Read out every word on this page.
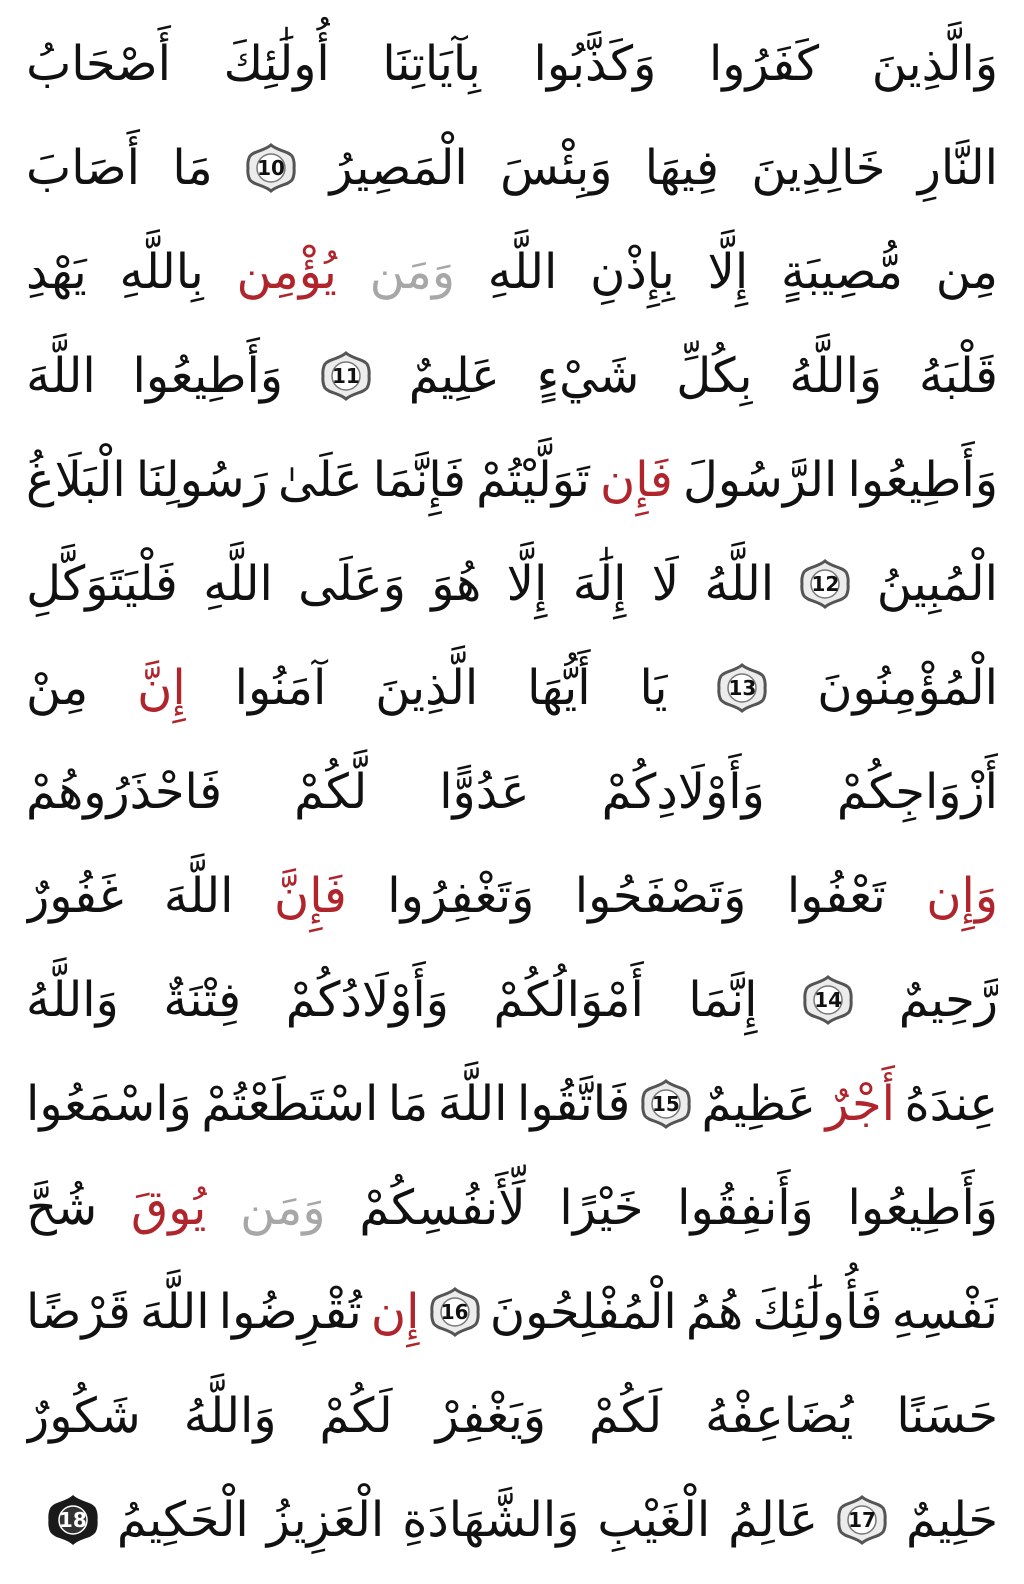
وَالَّذِينَ
كَفَرُوا
وَكَذَّبُوا
بِآيَاتِنَا
أُولَٰئِكَ
أَصْحَابُ
النَّارِ
خَالِدِينَ
فِيهَا
وَبِئْسَ
الْمَصِيرُ
10
مَا
أَصَابَ
مِن
مُّصِيبَةٍ
إِلَّا
بِإِذْنِ
اللَّهِ
وَمَن
يُؤْمِن
بِاللَّهِ
يَهْدِ
قَلْبَهُ
وَاللَّهُ
بِكُلِّ
شَيْءٍ
عَلِيمٌ
11
وَأَطِيعُوا
اللَّهَ
وَأَطِيعُوا
الرَّسُولَ
فَإِن
تَوَلَّيْتُمْ
فَإِنَّمَا
عَلَىٰ
رَسُولِنَا
الْبَلَاغُ
الْمُبِينُ
12
اللَّهُ
لَا
إِلَٰهَ
إِلَّا
هُوَ
وَعَلَى
اللَّهِ
فَلْيَتَوَكَّلِ
الْمُؤْمِنُونَ
13
يَا
أَيُّهَا
الَّذِينَ
آمَنُوا
إِنَّ
مِنْ
أَزْوَاجِكُمْ
وَأَوْلَادِكُمْ
عَدُوًّا
لَّكُمْ
فَاحْذَرُوهُمْ
وَإِن
تَعْفُوا
وَتَصْفَحُوا
وَتَغْفِرُوا
فَإِنَّ
اللَّهَ
غَفُورٌ
رَّحِيمٌ
14
إِنَّمَا
أَمْوَالُكُمْ
وَأَوْلَادُكُمْ
فِتْنَةٌ
وَاللَّهُ
عِندَهُ
أَجْرٌ
عَظِيمٌ
15
فَاتَّقُوا
اللَّهَ
مَا
اسْتَطَعْتُمْ
وَاسْمَعُوا
وَأَطِيعُوا
وَأَنفِقُوا
خَيْرًا
لِّأَنفُسِكُمْ
وَمَن
يُوقَ
شُحَّ
نَفْسِهِ
فَأُولَٰئِكَ
هُمُ
الْمُفْلِحُونَ
16
إِن
تُقْرِضُوا
اللَّهَ
قَرْضًا
حَسَنًا
يُضَاعِفْهُ
لَكُمْ
وَيَغْفِرْ
لَكُمْ
وَاللَّهُ
شَكُورٌ
حَلِيمٌ
17
عَالِمُ
الْغَيْبِ
وَالشَّهَادَةِ
الْعَزِيزُ
الْحَكِيمُ
18
